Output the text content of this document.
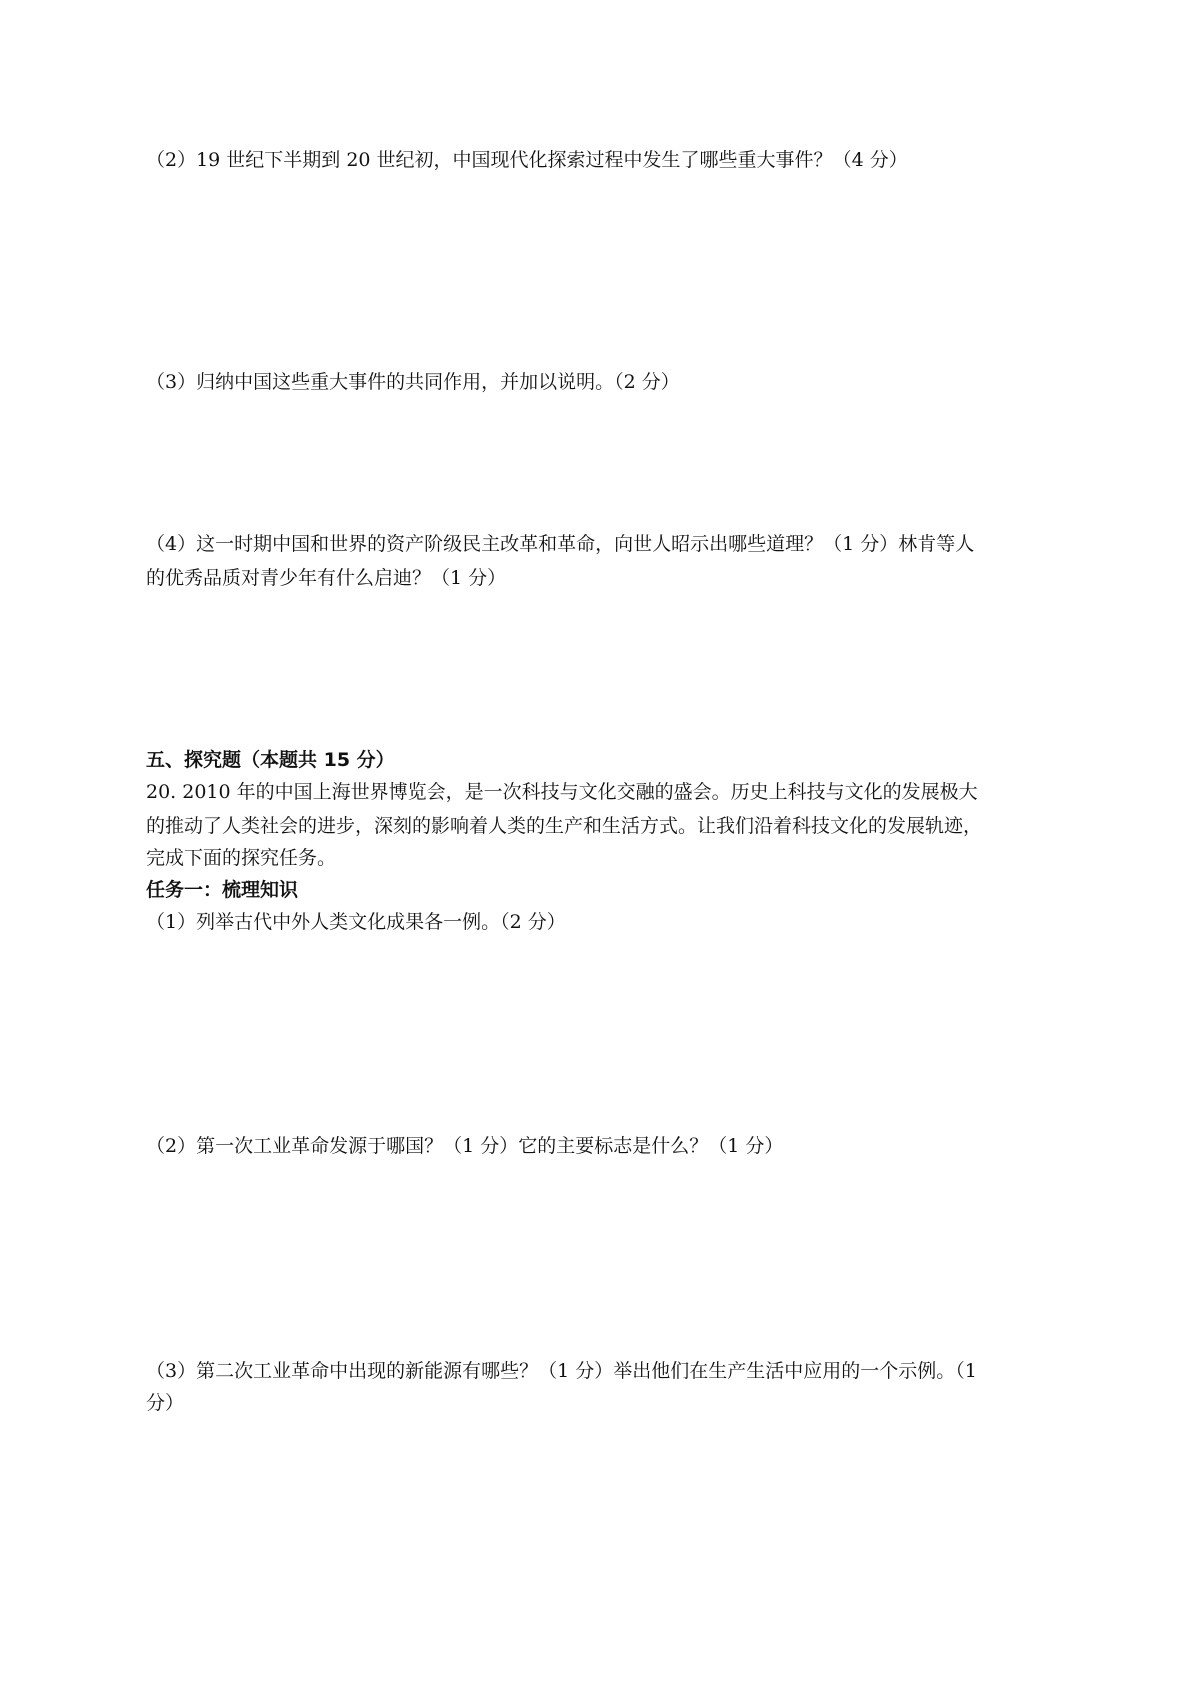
（2）19 世纪下半期到 20 世纪初，中国现代化探索过程中发生了哪些重大事件？（4 分）
（3）归纳中国这些重大事件的共同作用，并加以说明。（2 分）
（4）这一时期中国和世界的资产阶级民主改革和革命，向世人昭示出哪些道理？（1 分）林肯等人
的优秀品质对青少年有什么启迪？（1 分）
五、探究题（本题共 15 分）
20. 2010 年的中国上海世界博览会，是一次科技与文化交融的盛会。历史上科技与文化的发展极大
的推动了人类社会的进步，深刻的影响着人类的生产和生活方式。让我们沿着科技文化的发展轨迹，
完成下面的探究任务。
任务一：梳理知识
（1）列举古代中外人类文化成果各一例。（2 分）
（2）第一次工业革命发源于哪国？（1 分）它的主要标志是什么？（1 分）
（3）第二次工业革命中出现的新能源有哪些？（1 分）举出他们在生产生活中应用的一个示例。（1
分）
